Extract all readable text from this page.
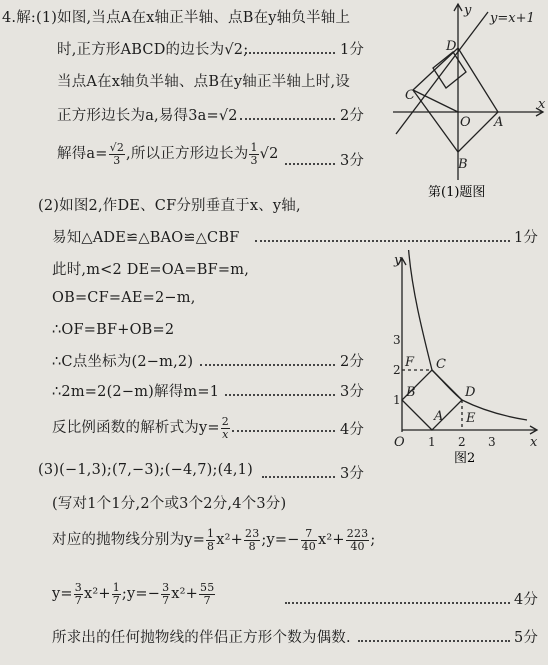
4.解:(1)如图,当点A在x轴正半轴、点B在y轴负半轴上
时,正方形ABCD的边长为√2;	1分
当点A在x轴负半轴、点B在y轴正半轴上时,设
正方形边长为a,易得3a=√2	2分
解得$a= \frac{√2}{3}$ ,所以正方形边长为 $\frac{1}{3} √2$	3分
x
y
y=x+1
D
C
O A
B
第(1)题图
(2)如图2,作DE、CF分别垂直于x、y轴,
易知△ADE≌△BAO≌△CBF	1分
此时,m<2 DE=OA=BF=m,
OB=CF=AE=2−m,
∴OF=BF+OB=2
∴C点坐标为(2−m,2)	2分
∴2m=2(2−m)解得m=1	3分
反比例函数的解析式为$y= \frac{2}{x}$	4分
x
y
1 2 3
1
2
3
O
A
B
C
D
E
F
图2
(3)(−1,3);(7,−3);(−4,7);(4,1)	3分
(写对1个1分,2个或3个2分,4个3分)
对应的抛物线分别为$y= \frac{1}{8} x^2+ \frac{23}{8}$ ;y=− $\frac{7}{40} x^2+ \frac{223}{40}$ ;
$y= \frac{3}{7} x^2+ \frac{1}{7}$ ;y=− $\frac{3}{7} x^2+ \frac{55}{7}$	4分
所求出的任何抛物线的伴侣正方形个数为偶数.	5分
